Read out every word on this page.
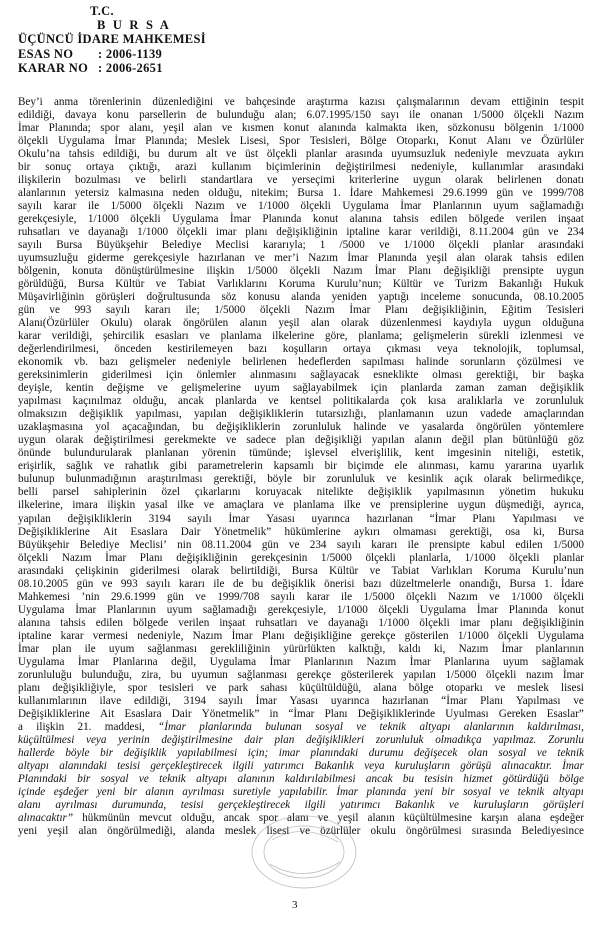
T.C.
B U R S A
ÜÇÜNCÜ İDARE MAHKEMESİ
ESAS NO	: 2006-1139
KARAR NO : 2006-2651
Bey’i anma törenlerinin düzenlediğini ve bahçesinde araştırma kazısı çalışmalarının devam ettiğinin tespit
edildiği, davaya konu parsellerin de bulunduğu alan; 6.07.1995/150 sayı ile onanan 1/5000 ölçekli Nazım
İmar Planında; spor alanı, yeşil alan ve kısmen konut alanında kalmakta iken, sözkonusu bölgenin 1/1000
ölçekli Uygulama İmar Planında; Meslek Lisesi, Spor Tesisleri, Bölge Otoparkı, Konut Alanı ve Özürlüler
Okulu’na tahsis edildiği, bu durum alt ve üst ölçekli planlar arasında uyumsuzluk nedeniyle mevzuata aykırı
bir sonuç ortaya çıktığı, arazi kullanım biçimlerinin değiştirilmesi nedeniyle, kullanımlar arasındaki
ilişkilerin bozulması ve belirli standartlara ve yerseçimi kriterlerine uygun olarak belirlenen donatı
alanlarının yetersiz kalmasına neden olduğu, nitekim; Bursa 1. İdare Mahkemesi 29.6.1999 gün ve 1999/708
sayılı karar ile 1/5000 ölçekli Nazım ve 1/1000 ölçekli Uygulama İmar Planlarının uyum sağlamadığı
gerekçesiyle, 1/1000 ölçekli Uygulama İmar Planında konut alanına tahsis edilen bölgede verilen inşaat
ruhsatları ve dayanağı 1/1000 ölçekli imar planı değişikliğinin iptaline karar verildiği, 8.11.2004 gün ve 234
sayılı Bursa Büyükşehir Belediye Meclisi kararıyla; 1 /5000 ve 1/1000 ölçekli planlar arasındaki
uyumsuzluğu giderme gerekçesiyle hazırlanan ve mer’i Nazım İmar Planında yeşil alan olarak tahsis edilen
bölgenin, konuta dönüştürülmesine ilişkin 1/5000 ölçekli Nazım İmar Planı değişikliği prensipte uygun
görüldüğü, Bursa Kültür ve Tabiat Varlıklarını Koruma Kurulu’nun; Kültür ve Turizm Bakanlığı Hukuk
Müşavirliğinin görüşleri doğrultusunda söz konusu alanda yeniden yaptığı inceleme sonucunda, 08.10.2005
gün ve 993 sayılı kararı ile; 1/5000 ölçekli Nazım İmar Planı değişikliğinin, Eğitim Tesisleri
Alanı(Özürlüler Okulu) olarak öngörülen alanın yeşil alan olarak düzenlenmesi kaydıyla uygun olduğuna
karar verildiği, şehircilik esasları ve planlama ilkelerine göre, planlama; gelişmelerin sürekli izlenmesi ve
değerlendirilmesi, önceden kestirilemeyen bazı koşulların ortaya çıkması veya teknolojik, toplumsal,
ekonomik vb. bazı gelişmeler nedeniyle belirlenen hedeflerden sapılması halinde sorunların çözülmesi ve
gereksinimlerin giderilmesi için önlemler alınmasını sağlayacak esneklikte olması gerektiği, bir başka
deyişle, kentin değişme ve gelişmelerine uyum sağlayabilmek için planlarda zaman zaman değişiklik
yapılması kaçınılmaz olduğu, ancak planlarda ve kentsel politikalarda çok kısa aralıklarla ve zorunluluk
olmaksızın değişiklik yapılması, yapılan değişikliklerin tutarsızlığı, planlamanın uzun vadede amaçlarından
uzaklaşmasına yol açacağından, bu değişikliklerin zorunluluk halinde ve yasalarda öngörülen yöntemlere
uygun olarak değiştirilmesi gerekmekte ve sadece plan değişikliği yapılan alanın değil plan bütünlüğü göz
önünde bulundurularak planlanan yörenin tümünde; işlevsel elverişlilik, kent imgesinin niteliği, estetik,
erişirlik, sağlık ve rahatlık gibi parametrelerin kapsamlı bir biçimde ele alınması, kamu yararına uyarlık
bulunup bulunmadığının araştırılması gerektiği, böyle bir zorunluluk ve kesinlik açık olarak belirmedikçe,
belli parsel sahiplerinin özel çıkarlarını koruyacak nitelikte değişiklik yapılmasının yönetim hukuku
ilkelerine, imara ilişkin yasal ilke ve amaçlara ve planlama ilke ve prensiplerine uygun düşmediği, ayrıca,
yapılan değişikliklerin 3194 sayılı İmar Yasası uyarınca hazırlanan “İmar Planı Yapılması ve
Değişikliklerine Ait Esaslara Dair Yönetmelik” hükümlerine aykırı olmaması gerektiği, osa ki, Bursa
Büyükşehir Belediye Meclisi’ nin 08.11.2004 gün ve 234 sayılı kararı ile prensipte kabul edilen 1/5000
ölçekli Nazım İmar Planı değişikliğinin gerekçesinin 1/5000 ölçekli planlarla, 1/1000 ölçekli planlar
arasındaki çelişkinin giderilmesi olarak belirtildiği, Bursa Kültür ve Tabiat Varlıkları Koruma Kurulu’nun
08.10.2005 gün ve 993 sayılı kararı ile de bu değişiklik önerisi bazı düzeltmelerle onandığı, Bursa 1. İdare
Mahkemesi ’nin 29.6.1999 gün ve 1999/708 sayılı karar ile 1/5000 ölçekli Nazım ve 1/1000 ölçekli
Uygulama İmar Planlarının uyum sağlamadığı gerekçesiyle, 1/1000 ölçekli Uygulama İmar Planında konut
alanına tahsis edilen bölgede verilen inşaat ruhsatları ve dayanağı 1/1000 ölçekli imar planı değişikliğinin
iptaline karar vermesi nedeniyle, Nazım İmar Planı değişikliğine gerekçe gösterilen 1/1000 ölçekli Uygulama
İmar plan ile uyum sağlanması gerekliliğinin yürürlükten kalktığı, kaldı ki, Nazım İmar planlarının
Uygulama İmar Planlarına değil, Uygulama İmar Planlarının Nazım İmar Planlarına uyum sağlamak
zorunluluğu bulunduğu, zira, bu uyumun sağlanması gerekçe gösterilerek yapılan 1/5000 ölçekli nazım İmar
planı değişikliğiyle, spor tesisleri ve park sahası küçültüldüğü, alana bölge otoparkı ve meslek lisesi
kullanımlarının ilave edildiği, 3194 sayılı İmar Yasası uyarınca hazırlanan “İmar Planı Yapılması ve
Değişikliklerine Ait Esaslara Dair Yönetmelik” in “İmar Planı Değişikliklerinde Uyulması Gereken Esaslar”
a ilişkin 21. maddesi, “İmar planlarında bulunan sosyal ve teknik altyapı alanlarının kaldırılması,
küçültülmesi veya yerinin değiştirilmesine dair plan değişiklikleri zorunluluk olmadıkça yapılmaz. Zorunlu
hallerde böyle bir değişiklik yapılabilmesi için; imar planındaki durumu değişecek olan sosyal ve teknik
altyapı alanındaki tesisi gerçekleştirecek ilgili yatırımcı Bakanlık veya kuruluşların görüşü alınacaktır. İmar
Planındaki bir sosyal ve teknik altyapı alanının kaldırılabilmesi ancak bu tesisin hizmet götürdüğü bölge
içinde eşdeğer yeni bir alanın ayrılması suretiyle yapılabilir. İmar planında yeni bir sosyal ve teknik altyapı
alanı ayrılması durumunda, tesisi gerçekleştirecek ilgili yatırımcı Bakanlık ve kuruluşların görüşleri
alınacaktır” hükmünün mevcut olduğu, ancak spor alanı ve yeşil alanın küçültülmesine karşın alana eşdeğer
yeni yeşil alan öngörülmediği, alanda meslek lisesi ve özürlüler okulu öngörülmesi sırasında Belediyesince
3
